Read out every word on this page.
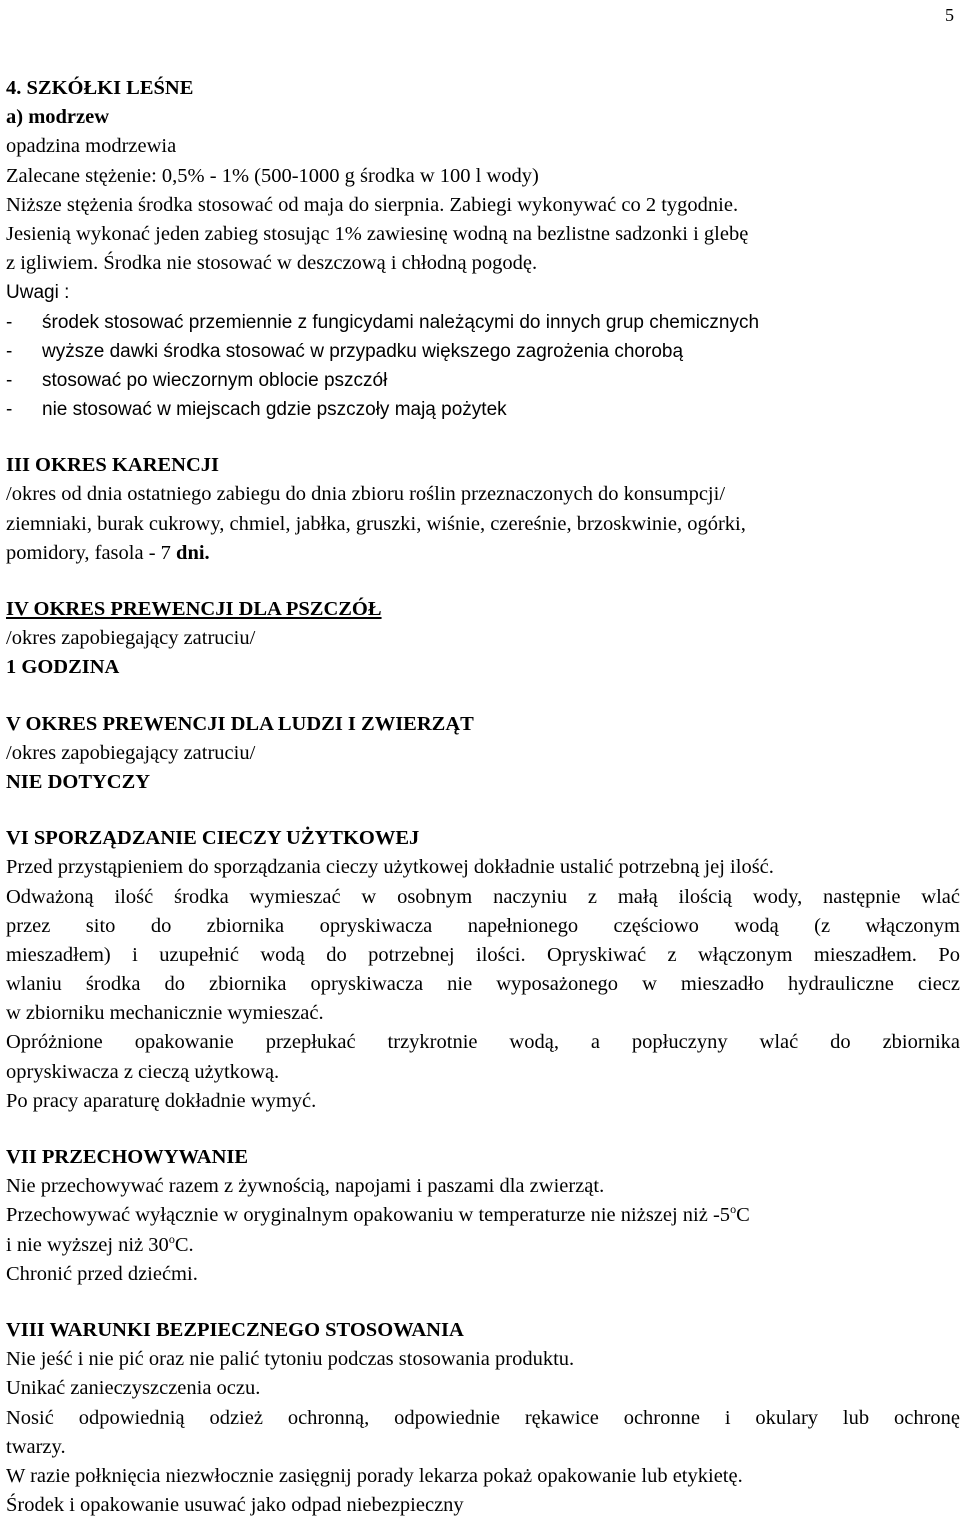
5
4. SZKÓŁKI LEŚNE
a) modrzew
opadzina modrzewia
Zalecane stężenie: 0,5% - 1% (500-1000 g środka w 100 l wody)
Niższe stężenia środka stosować od maja do sierpnia. Zabiegi wykonywać co 2 tygodnie.
Jesienią wykonać jeden zabieg stosując 1% zawiesinę wodną na bezlistne sadzonki i glebę
z igliwiem. Środka nie stosować w deszczową i chłodną pogodę.
Uwagi :
- środek stosować przemiennie z fungicydami należącymi do innych grup chemicznych
- wyższe dawki środka stosować w przypadku większego zagrożenia chorobą
- stosować po wieczornym oblocie pszczół
- nie stosować w miejscach gdzie pszczoły mają pożytek
III OKRES KARENCJI
/okres od dnia ostatniego zabiegu do dnia zbioru roślin przeznaczonych do konsumpcji/
ziemniaki, burak cukrowy, chmiel, jabłka, gruszki, wiśnie, czereśnie, brzoskwinie, ogórki,
pomidory, fasola - 7 dni.
IV OKRES PREWENCJI DLA PSZCZÓŁ
/okres zapobiegający zatruciu/
1 GODZINA
V OKRES PREWENCJI DLA LUDZI I ZWIERZĄT
/okres zapobiegający zatruciu/
NIE DOTYCZY
VI SPORZĄDZANIE CIECZY UŻYTKOWEJ
Przed przystąpieniem do sporządzania cieczy użytkowej dokładnie ustalić potrzebną jej ilość.
Odważoną ilość środka wymieszać w osobnym naczyniu z małą ilością wody, następnie wlać
przez sito do zbiornika opryskiwacza napełnionego częściowo wodą (z włączonym
mieszadłem) i uzupełnić wodą do potrzebnej ilości. Opryskiwać z włączonym mieszadłem. Po
wlaniu środka do zbiornika opryskiwacza nie wyposażonego w mieszadło hydrauliczne ciecz
w zbiorniku mechanicznie wymieszać.
Opróżnione opakowanie przepłukać trzykrotnie wodą, a popłuczyny wlać do zbiornika
opryskiwacza z cieczą użytkową.
Po pracy aparaturę dokładnie wymyć.
VII PRZECHOWYWANIE
Nie przechowywać razem z żywnością, napojami i paszami dla zwierząt.
Przechowywać wyłącznie w oryginalnym opakowaniu w temperaturze nie niższej niż -5$^o$C
i nie wyższej niż 30$^o$C.
Chronić przed dziećmi.
VIII WARUNKI BEZPIECZNEGO STOSOWANIA
Nie jeść i nie pić oraz nie palić tytoniu podczas stosowania produktu.
Unikać zanieczyszczenia oczu.
Nosić odpowiednią odzież ochronną, odpowiednie rękawice ochronne i okulary lub ochronę
twarzy.
W razie połknięcia niezwłocznie zasięgnij porady lekarza pokaż opakowanie lub etykietę.
Środek i opakowanie usuwać jako odpad niebezpieczny
